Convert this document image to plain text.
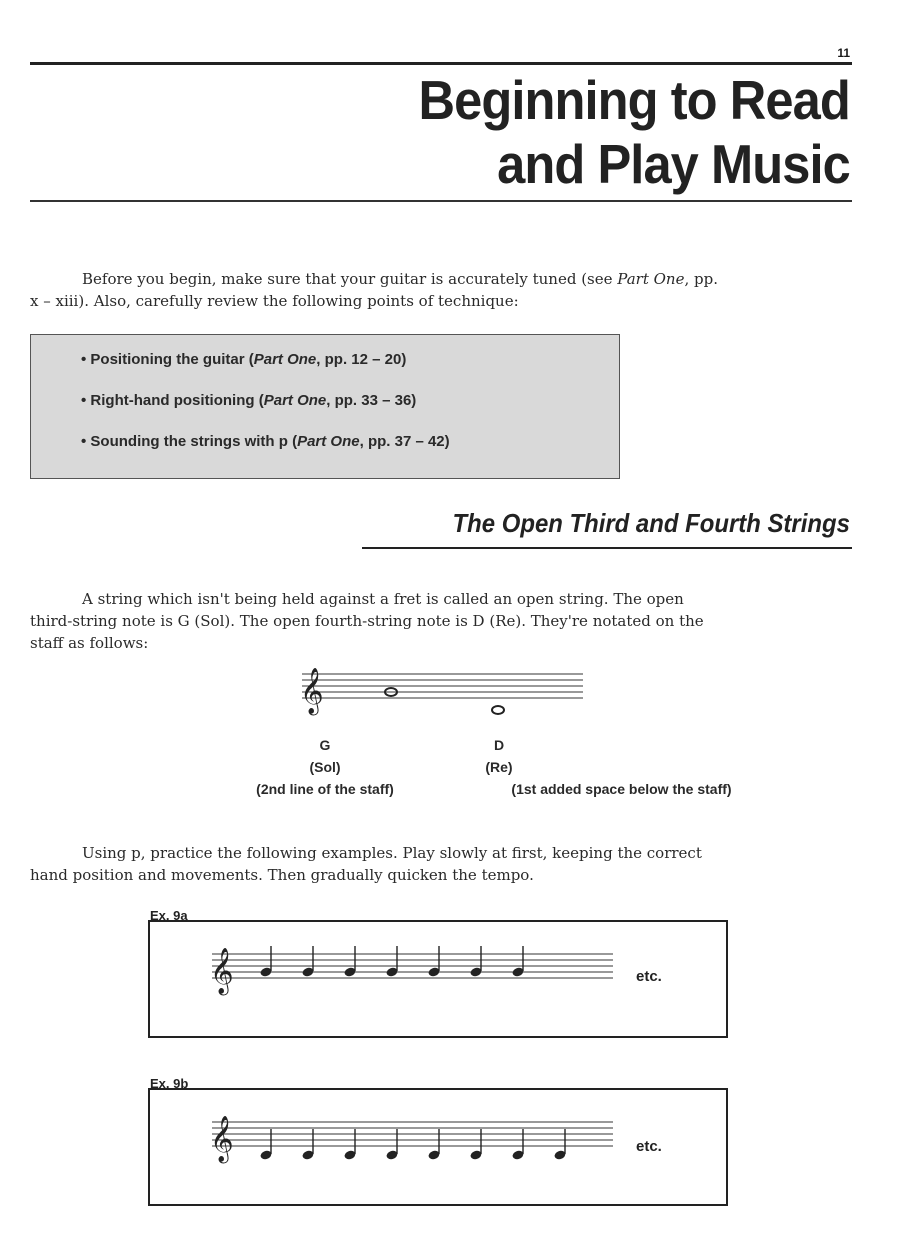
11
Beginning to Read
and Play Music

Before you begin, make sure that your guitar is accurately tuned (see Part One, pp. x – xiii). Also, carefully review the following points of technique:

• Positioning the guitar (Part One, pp. 12 – 20)

• Right-hand positioning (Part One, pp. 33 – 36)

• Sounding the strings with p (Part One, pp. 37 – 42)

The Open Third and Fourth Strings

A string which isn't being held against a fret is called an open string. The open third-string note is G (Sol). The open fourth-string note is D (Re). They're notated on the staff as follows:

𝄞
G
(Sol)
(2nd line of the staff)
D
(Re)
(1st added space below the staff)

Using p, practice the following examples. Play slowly at first, keeping the correct hand position and movements. Then gradually quicken the tempo.

Ex. 9a
𝄞	etc.
Ex. 9b
𝄞	etc.
